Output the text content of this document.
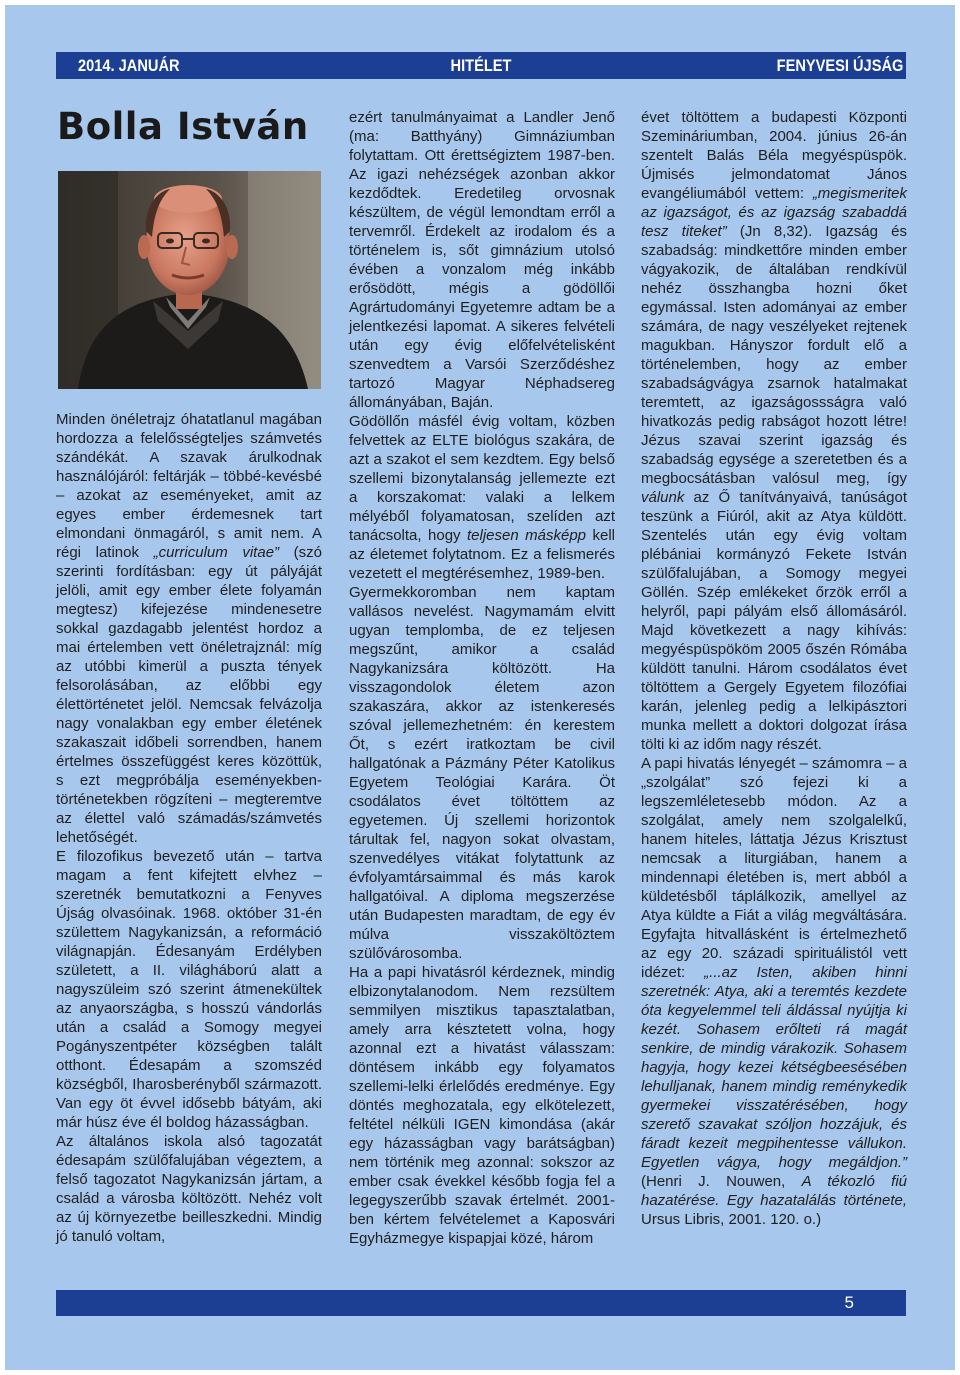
2014. JANUÁR	HITÉLET	FENYVESI ÚJSÁG
Bolla István

Minden önéletrajz óhatatlanul magában hordozza a felelősségteljes számvetés szándékát. A szavak árulkodnak használójáról: feltárják – többé-kevésbé – azokat az eseményeket, amit az egyes ember érdemesnek tart elmondani önmagáról, s amit nem. A régi latinok „curriculum vitae” (szó szerinti fordításban: egy út pályáját jelöli, amit egy ember élete folyamán megtesz) kifejezése mindenesetre sokkal gazdagabb jelentést hordoz a mai értelemben vett önéletrajznál: míg az utóbbi kimerül a puszta tények felsorolásában, az előbbi egy élettörténetet jelöl. Nemcsak felvázolja nagy vonalakban egy ember életének szakaszait időbeli sorrendben, hanem értelmes összefüggést keres közöttük, s ezt megpróbálja eseményekben-történetekben rögzíteni – megteremtve az élettel való számadás/számvetés lehetőségét.

E filozofikus bevezető után – tartva magam a fent kifejtett elvhez – szeretnék bemutatkozni a Fenyves Újság olvasóinak. 1968. október 31-én születtem Nagykanizsán, a reformáció világnapján. Édesanyám Erdélyben született, a II. világháború alatt a nagyszüleim szó szerint átmenekültek az anyaországba, s hosszú vándorlás után a család a Somogy megyei Pogányszentpéter községben talált otthont. Édesapám a szomszéd községből, Iharosberényből származott. Van egy öt évvel idősebb bátyám, aki már húsz éve él boldog házasságban.

Az általános iskola alsó tagozatát édesapám szülőfalujában végeztem, a felső tagozatot Nagykanizsán jártam, a család a városba költözött. Nehéz volt az új környezetbe beilleszkedni. Mindig jó tanuló voltam,

ezért tanulmányaimat a Landler Jenő (ma: Batthyány) Gimnáziumban folytattam. Ott érettségiztem 1987-ben. Az igazi nehézségek azonban akkor kezdődtek. Eredetileg orvosnak készültem, de végül lemondtam erről a tervemről. Érdekelt az irodalom és a történelem is, sőt gimnázium utolsó évében a vonzalom még inkább erősödött, mégis a gödöllői Agrártudományi Egyetemre adtam be a jelentkezési lapomat. A sikeres felvételi után egy évig előfelvételisként szenvedtem a Varsói Szerződéshez tartozó Magyar Néphadsereg állományában, Baján.

Gödöllőn másfél évig voltam, közben felvettek az ELTE biológus szakára, de azt a szakot el sem kezdtem. Egy belső szellemi bizonytalanság jellemezte ezt a korszakomat: valaki a lelkem mélyéből folyamatosan, szelíden azt tanácsolta, hogy teljesen másképp kell az életemet folytatnom. Ez a felismerés vezetett el megtérésemhez, 1989-ben.

Gyermekkoromban nem kaptam vallásos nevelést. Nagymamám elvitt ugyan templomba, de ez teljesen megszűnt, amikor a család Nagykanizsára költözött. Ha visszagondolok életem azon szakaszára, akkor az istenkeresés szóval jellemezhetném: én kerestem Őt, s ezért iratkoztam be civil hallgatónak a Pázmány Péter Katolikus Egyetem Teológiai Karára. Öt csodálatos évet töltöttem az egyetemen. Új szellemi horizontok tárultak fel, nagyon sokat olvastam, szenvedélyes vitákat folytattunk az évfolyamtársaimmal és más karok hallgatóival. A diploma megszerzése után Budapesten maradtam, de egy év múlva visszaköltöztem szülővárosomba.

Ha a papi hivatásról kérdeznek, mindig elbizonytalanodom. Nem rezsültem semmilyen misztikus tapasztalatban, amely arra késztetett volna, hogy azonnal ezt a hivatást válasszam: döntésem inkább egy folyamatos szellemi-lelki érlelődés eredménye. Egy döntés meghozatala, egy elkötelezett, feltétel nélküli IGEN kimondása (akár egy házasságban vagy barátságban) nem történik meg azonnal: sokszor az ember csak évekkel később fogja fel a legegyszerűbb szavak értelmét. 2001-ben kértem felvételemet a Kaposvári Egyházmegye kispapjai közé, három

évet töltöttem a budapesti Központi Szemináriumban, 2004. június 26-án szentelt Balás Béla megyéspüspök. Újmisés jelmondatomat János evangéliumából vettem: „megismeritek az igazságot, és az igazság szabaddá tesz titeket” (Jn 8,32). Igazság és szabadság: mindkettőre minden ember vágyakozik, de általában rendkívül nehéz összhangba hozni őket egymással. Isten adományai az ember számára, de nagy veszélyeket rejtenek magukban. Hányszor fordult elő a történelemben, hogy az ember szabadságvágya zsarnok hatalmakat teremtett, az igazságossságra való hivatkozás pedig rabságot hozott létre! Jézus szavai szerint igazság és szabadság egysége a szeretetben és a megbocsátásban valósul meg, így válunk az Ő tanítványaivá, tanúságot teszünk a Fiúról, akit az Atya küldött. Szentelés után egy évig voltam plébániai kormányzó Fekete István szülőfalujában, a Somogy megyei Göllén. Szép emlékeket őrzök erről a helyről, papi pályám első állomásáról. Majd következett a nagy kihívás: megyéspüspököm 2005 őszén Rómába küldött tanulni. Három csodálatos évet töltöttem a Gergely Egyetem filozófiai karán, jelenleg pedig a lelkipásztori munka mellett a doktori dolgozat írása tölti ki az időm nagy részét.

A papi hivatás lényegét – számomra – a „szolgálat” szó fejezi ki a legszemléletesebb módon. Az a szolgálat, amely nem szolgalelkű, hanem hiteles, láttatja Jézus Krisztust nemcsak a liturgiában, hanem a mindennapi életében is, mert abból a küldetésből táplálkozik, amellyel az Atya küldte a Fiát a világ megváltására. Egyfajta hitvallásként is értelmezhető az egy 20. századi spirituálistól vett idézet: „...az Isten, akiben hinni szeretnék: Atya, aki a teremtés kezdete óta kegyelemmel teli áldással nyújtja ki kezét. Sohasem erőlteti rá magát senkire, de mindig várakozik. Sohasem hagyja, hogy kezei kétségbeesésében lehulljanak, hanem mindig reménykedik gyermekei visszatérésében, hogy szerető szavakat szóljon hozzájuk, és fáradt kezeit megpihentesse vállukon. Egyetlen vágya, hogy megáldjon.” (Henri J. Nouwen, A tékozló fiú hazatérése. Egy hazatalálás története, Ursus Libris, 2001. 120. o.)

5
